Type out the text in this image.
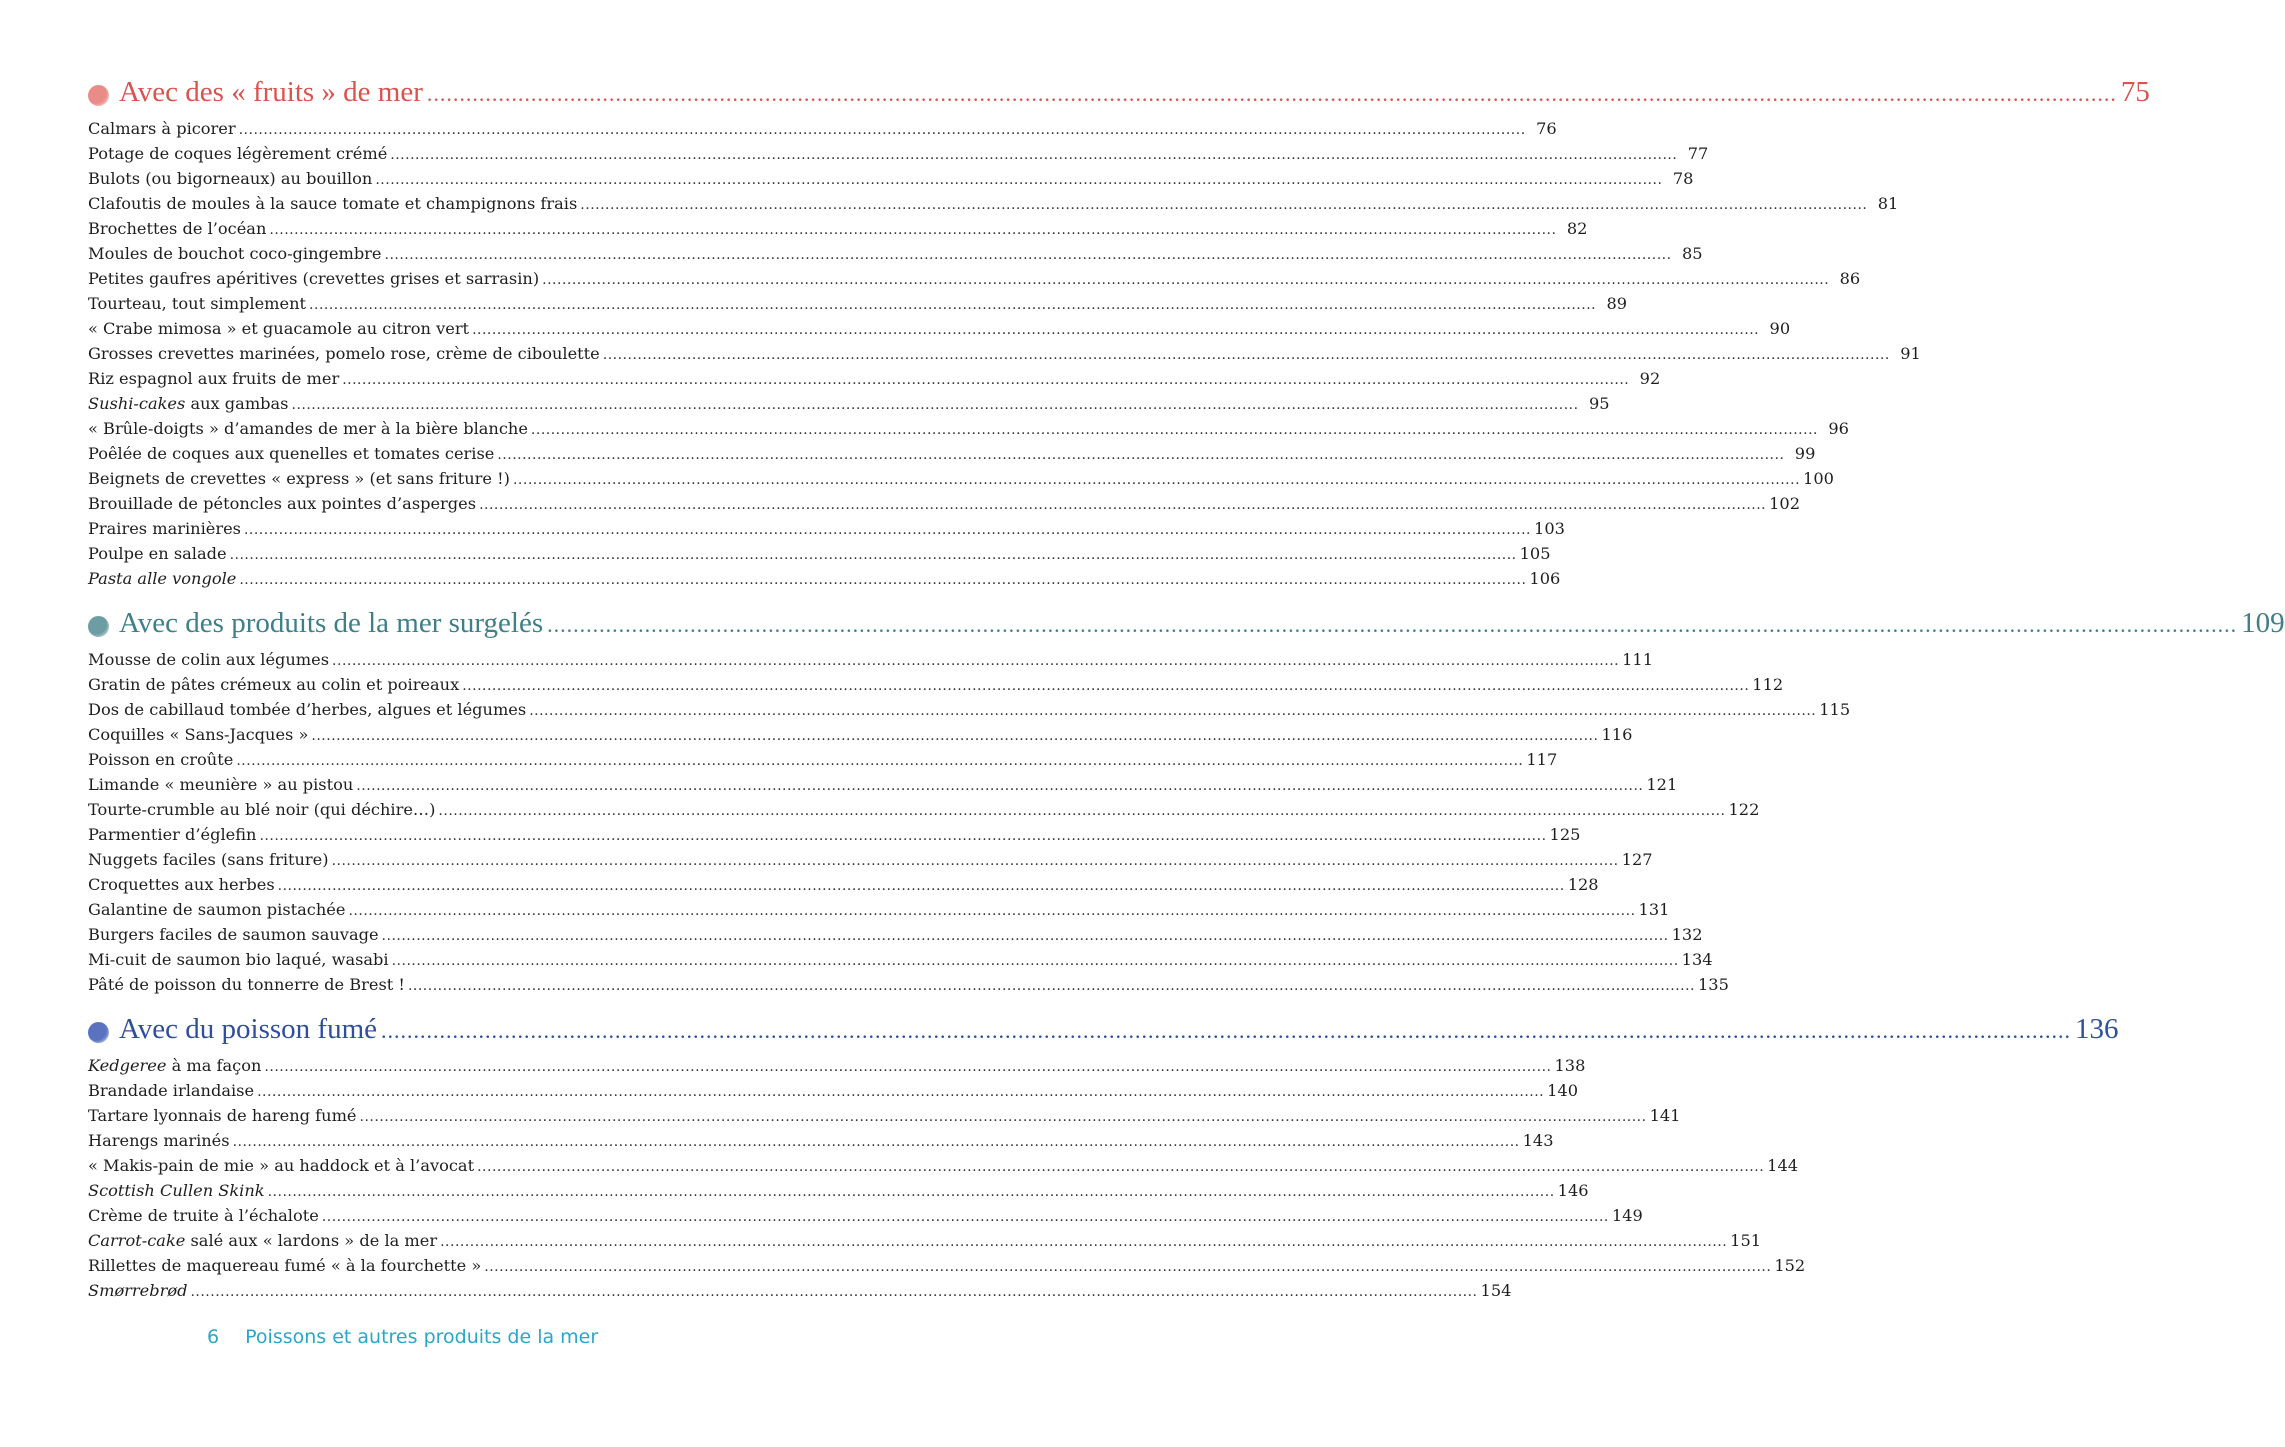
Avec des « fruits » de mer .................................................................................................................................................................................................................................................................... 75
Calmars à picorer .................................................................................................................................................................................................................................................................... 76
Potage de coques légèrement crémé .................................................................................................................................................................................................................................................................... 77
Bulots (ou bigorneaux) au bouillon .................................................................................................................................................................................................................................................................... 78
Clafoutis de moules à la sauce tomate et champignons frais .................................................................................................................................................................................................................................................................... 81
Brochettes de l’océan .................................................................................................................................................................................................................................................................... 82
Moules de bouchot coco-gingembre .................................................................................................................................................................................................................................................................... 85
Petites gaufres apéritives (crevettes grises et sarrasin) .................................................................................................................................................................................................................................................................... 86
Tourteau, tout simplement .................................................................................................................................................................................................................................................................... 89
« Crabe mimosa » et guacamole au citron vert .................................................................................................................................................................................................................................................................... 90
Grosses crevettes marinées, pomelo rose, crème de ciboulette .................................................................................................................................................................................................................................................................... 91
Riz espagnol aux fruits de mer .................................................................................................................................................................................................................................................................... 92
Sushi-cakes aux gambas .................................................................................................................................................................................................................................................................... 95
« Brûle-doigts » d’amandes de mer à la bière blanche .................................................................................................................................................................................................................................................................... 96
Poêlée de coques aux quenelles et tomates cerise .................................................................................................................................................................................................................................................................... 99
Beignets de crevettes « express » (et sans friture !) .................................................................................................................................................................................................................................................................... 100
Brouillade de pétoncles aux pointes d’asperges .................................................................................................................................................................................................................................................................... 102
Praires marinières .................................................................................................................................................................................................................................................................... 103
Poulpe en salade .................................................................................................................................................................................................................................................................... 105
Pasta alle vongole .................................................................................................................................................................................................................................................................... 106
Avec des produits de la mer surgelés .................................................................................................................................................................................................................................................................... 109
Mousse de colin aux légumes .................................................................................................................................................................................................................................................................... 111
Gratin de pâtes crémeux au colin et poireaux .................................................................................................................................................................................................................................................................... 112
Dos de cabillaud tombée d’herbes, algues et légumes .................................................................................................................................................................................................................................................................... 115
Coquilles « Sans-Jacques » .................................................................................................................................................................................................................................................................... 116
Poisson en croûte .................................................................................................................................................................................................................................................................... 117
Limande « meunière » au pistou .................................................................................................................................................................................................................................................................... 121
Tourte-crumble au blé noir (qui déchire…) .................................................................................................................................................................................................................................................................... 122
Parmentier d’églefin .................................................................................................................................................................................................................................................................... 125
Nuggets faciles (sans friture) .................................................................................................................................................................................................................................................................... 127
Croquettes aux herbes .................................................................................................................................................................................................................................................................... 128
Galantine de saumon pistachée .................................................................................................................................................................................................................................................................... 131
Burgers faciles de saumon sauvage .................................................................................................................................................................................................................................................................... 132
Mi-cuit de saumon bio laqué, wasabi .................................................................................................................................................................................................................................................................... 134
Pâté de poisson du tonnerre de Brest ! .................................................................................................................................................................................................................................................................... 135
Avec du poisson fumé .................................................................................................................................................................................................................................................................... 136
Kedgeree à ma façon .................................................................................................................................................................................................................................................................... 138
Brandade irlandaise .................................................................................................................................................................................................................................................................... 140
Tartare lyonnais de hareng fumé .................................................................................................................................................................................................................................................................... 141
Harengs marinés .................................................................................................................................................................................................................................................................... 143
« Makis-pain de mie » au haddock et à l’avocat .................................................................................................................................................................................................................................................................... 144
Scottish Cullen Skink .................................................................................................................................................................................................................................................................... 146
Crème de truite à l’échalote .................................................................................................................................................................................................................................................................... 149
Carrot-cake salé aux « lardons » de la mer .................................................................................................................................................................................................................................................................... 151
Rillettes de maquereau fumé « à la fourchette » .................................................................................................................................................................................................................................................................... 152
Smørrebrød .................................................................................................................................................................................................................................................................... 154
6 Poissons et autres produits de la mer
